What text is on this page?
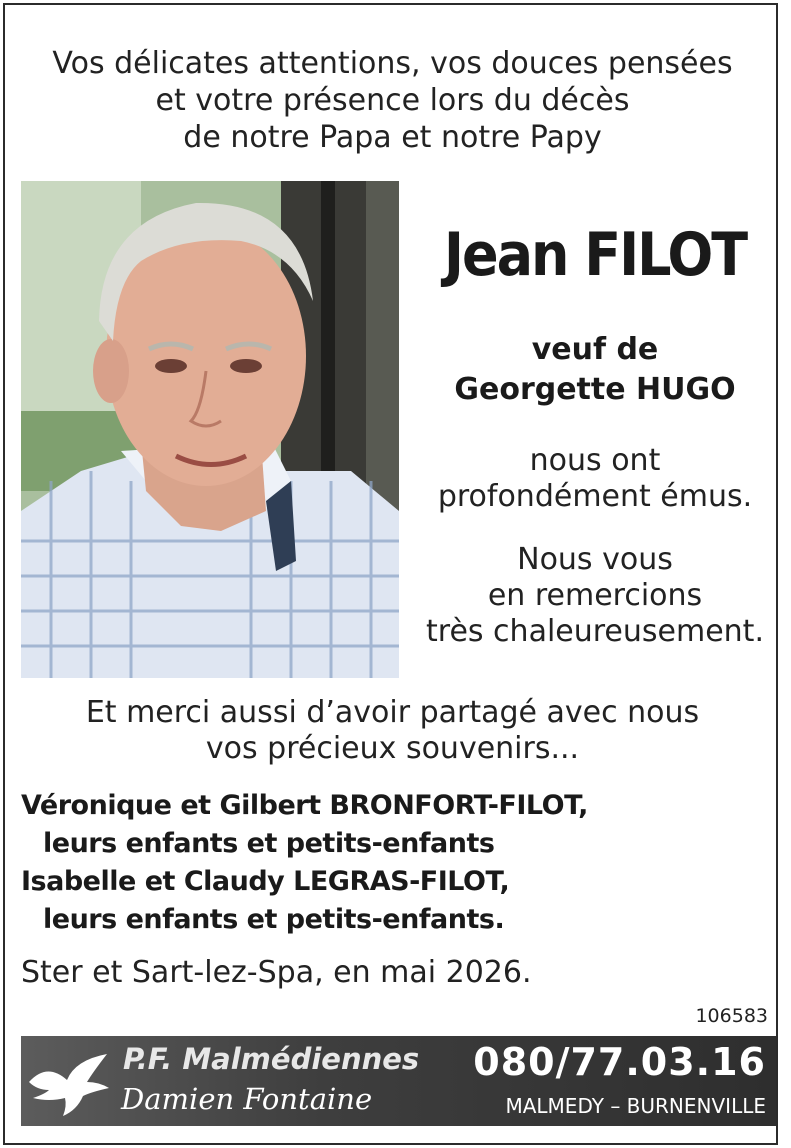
Vos délicates attentions, vos douces pensées
et votre présence lors du décès
de notre Papa et notre Papy
Jean FILOT
veuf de
Georgette HUGO
nous ont
profondément émus.
Nous vous
en remercions
très chaleureusement.
Et merci aussi d’avoir partagé avec nous
vos précieux souvenirs...
Véronique et Gilbert BRONFORT-FILOT,
leurs enfants et petits-enfants
Isabelle et Claudy LEGRAS-FILOT,
leurs enfants et petits-enfants.
Ster et Sart-lez-Spa, en mai 2026.
106583
P.F. Malmédiennes
Damien Fontaine
080/77.03.16
MALMEDY – BURNENVILLE
